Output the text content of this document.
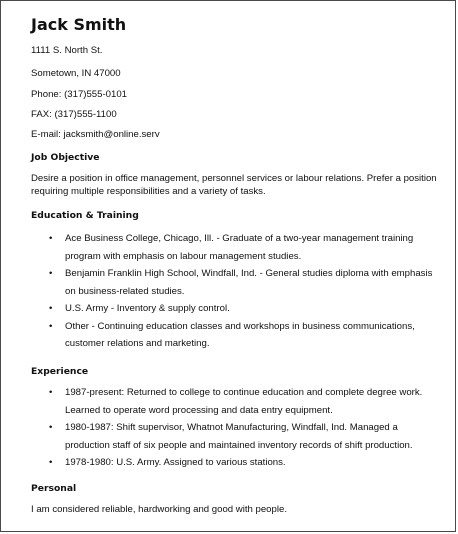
Jack Smith

1111 S. North St.

Sometown, IN 47000

Phone: (317)555-0101

FAX: (317)555-1100

E-mail: jacksmith@online.serv

Job Objective

Desire a position in office management, personnel services or labour relations. Prefer a position requiring multiple responsibilities and a variety of tasks.

Education & Training
• Ace Business College, Chicago, Ill. - Graduate of a two-year management training program with emphasis on labour management studies.
• Benjamin Franklin High School, Windfall, Ind. - General studies diploma with emphasis on business-related studies.
• U.S. Army - Inventory & supply control.
• Other - Continuing education classes and workshops in business communications, customer relations and marketing.
Experience
• 1987-present: Returned to college to continue education and complete degree work. Learned to operate word processing and data entry equipment.
• 1980-1987: Shift supervisor, Whatnot Manufacturing, Windfall, Ind. Managed a production staff of six people and maintained inventory records of shift production.
• 1978-1980: U.S. Army. Assigned to various stations.
Personal

I am considered reliable, hardworking and good with people.
